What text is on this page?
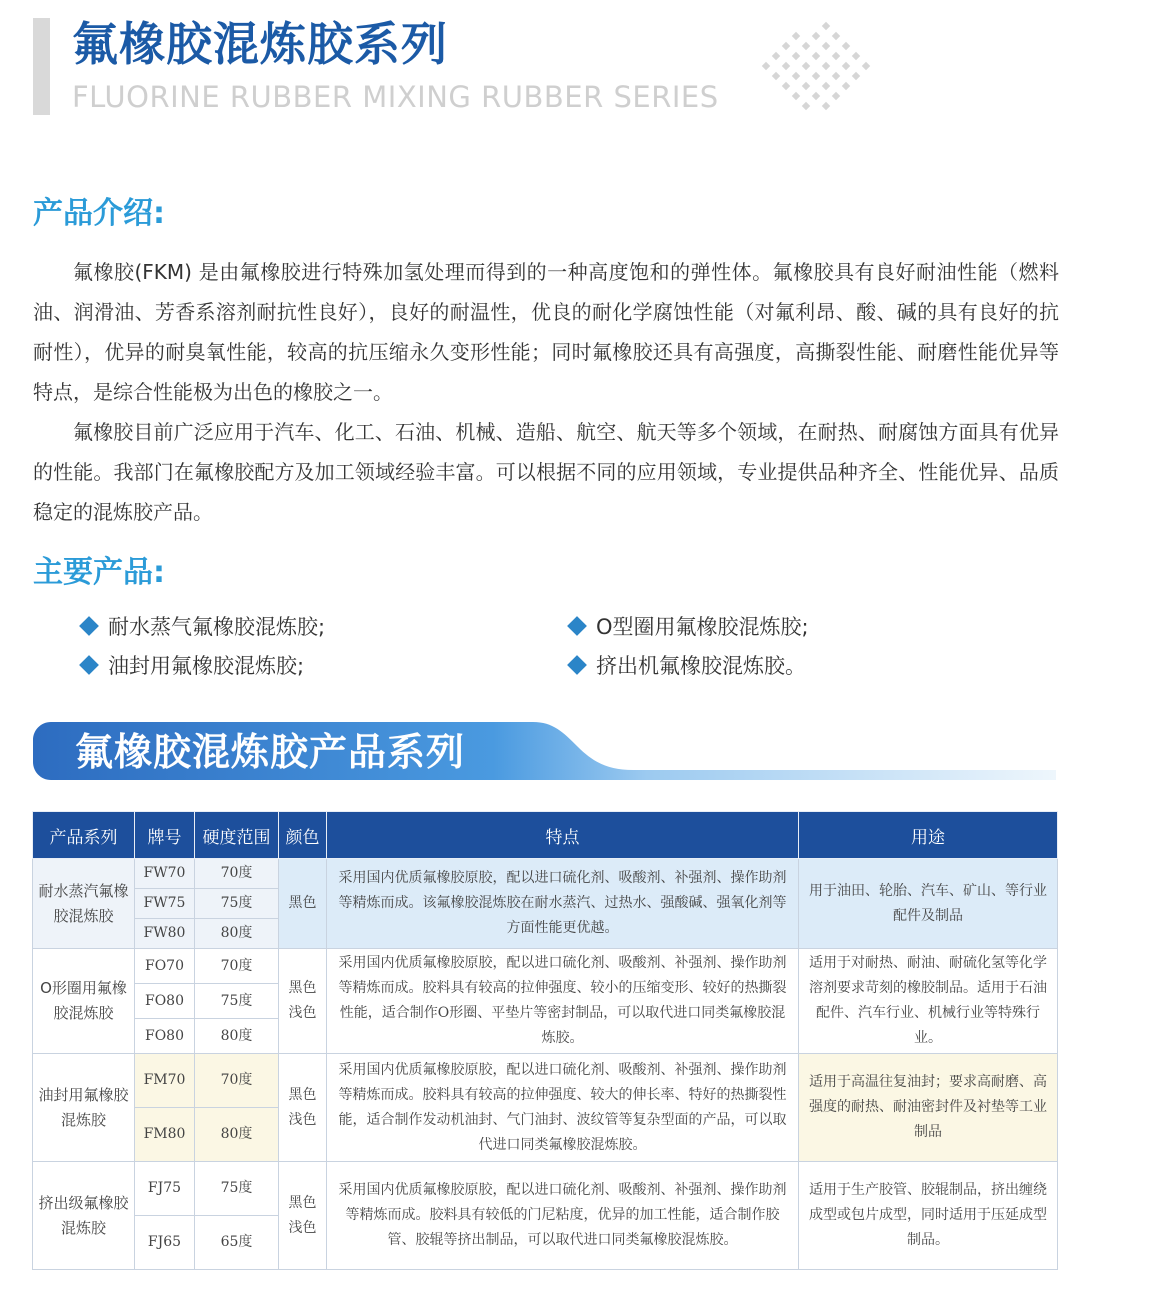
氟橡胶混炼胶系列
FLUORINE RUBBER MIXING RUBBER SERIES
产品介绍:

氟橡胶(FKM) 是由氟橡胶进行特殊加氢处理而得到的一种高度饱和的弹性体。氟橡胶具有良好耐油性能（燃料油、润滑油、芳香系溶剂耐抗性良好），良好的耐温性，优良的耐化学腐蚀性能（对氟利昂、酸、碱的具有良好的抗耐性），优异的耐臭氧性能，较高的抗压缩永久变形性能；同时氟橡胶还具有高强度，高撕裂性能、耐磨性能优异等特点，是综合性能极为出色的橡胶之一。

氟橡胶目前广泛应用于汽车、化工、石油、机械、造船、航空、航天等多个领域，在耐热、耐腐蚀方面具有优异的性能。我部门在氟橡胶配方及加工领域经验丰富。可以根据不同的应用领域，专业提供品种齐全、性能优异、品质稳定的混炼胶产品。

主要产品:
耐水蒸气氟橡胶混炼胶;	O型圈用氟橡胶混炼胶;
油封用氟橡胶混炼胶;	挤出机氟橡胶混炼胶。
氟橡胶混炼胶产品系列
产品系列	牌号	硬度范围	颜色	特点	用途
耐水蒸汽氟橡胶混炼胶	FW70	70度	黑色	采用国内优质氟橡胶原胶，配以进口硫化剂、吸酸剂、补强剂、操作助剂等精炼而成。该氟橡胶混炼胶在耐水蒸汽、过热水、强酸碱、强氧化剂等方面性能更优越。	用于油田、轮胎、汽车、矿山、等行业配件及制品
	FW75	75度			
	FW80	80度			
O形圈用氟橡胶混炼胶	FO70	70度	黑色浅色	采用国内优质氟橡胶原胶，配以进口硫化剂、吸酸剂、补强剂、操作助剂等精炼而成。胶料具有较高的拉伸强度、较小的压缩变形、较好的热撕裂性能，适合制作O形圈、平垫片等密封制品，可以取代进口同类氟橡胶混炼胶。	适用于对耐热、耐油、耐硫化氢等化学溶剂要求苛刻的橡胶制品。适用于石油配件、汽车行业、机械行业等特殊行业。
	FO80	75度			
	FO80	80度			
油封用氟橡胶混炼胶	FM70	70度	黑色浅色	采用国内优质氟橡胶原胶，配以进口硫化剂、吸酸剂、补强剂、操作助剂等精炼而成。胶料具有较高的拉伸强度、较大的伸长率、特好的热撕裂性能，适合制作发动机油封、气门油封、波纹管等复杂型面的产品，可以取代进口同类氟橡胶混炼胶。	适用于高温往复油封；要求高耐磨、高强度的耐热、耐油密封件及衬垫等工业制品
	FM80	80度			
挤出级氟橡胶混炼胶	FJ75	75度	黑色浅色	采用国内优质氟橡胶原胶，配以进口硫化剂、吸酸剂、补强剂、操作助剂等精炼而成。胶料具有较低的门尼粘度，优异的加工性能，适合制作胶管、胶辊等挤出制品，可以取代进口同类氟橡胶混炼胶。	适用于生产胶管、胶辊制品，挤出缠绕成型或包片成型，同时适用于压延成型制品。
	FJ65	65度			
